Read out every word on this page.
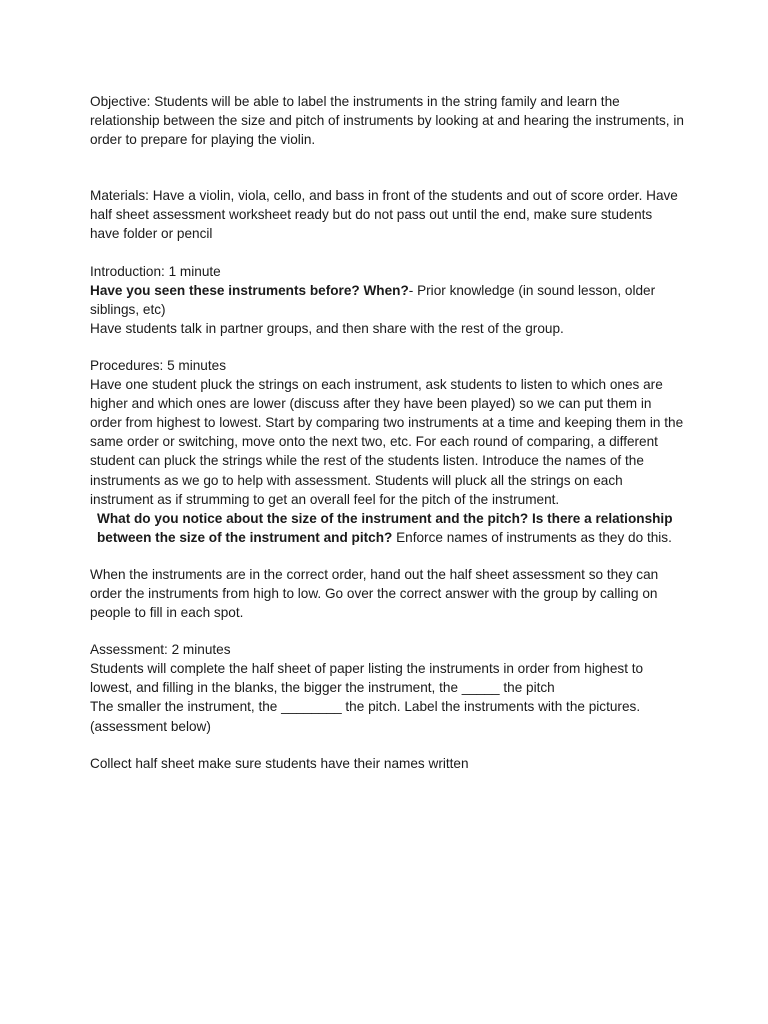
Objective: Students will be able to label the instruments in the string family and learn the relationship between the size and pitch of instruments by looking at and hearing the instruments, in order to prepare for playing the violin.

Materials: Have a violin, viola, cello, and bass in front of the students and out of score order. Have half sheet assessment worksheet ready but do not pass out until the end, make sure students have folder or pencil

Introduction: 1 minute

Have you seen these instruments before? When?- Prior knowledge (in sound lesson, older siblings, etc)

Have students talk in partner groups, and then share with the rest of the group.

Procedures: 5 minutes

Have one student pluck the strings on each instrument, ask students to listen to which ones are higher and which ones are lower (discuss after they have been played) so we can put them in order from highest to lowest. Start by comparing two instruments at a time and keeping them in the same order or switching, move onto the next two, etc. For each round of comparing, a different student can pluck the strings while the rest of the students listen. Introduce the names of the instruments as we go to help with assessment. Students will pluck all the strings on each instrument as if strumming to get an overall feel for the pitch of the instrument.

What do you notice about the size of the instrument and the pitch? Is there a relationship between the size of the instrument and pitch? Enforce names of instruments as they do this.

When the instruments are in the correct order, hand out the half sheet assessment so they can order the instruments from high to low. Go over the correct answer with the group by calling on people to fill in each spot.

Assessment: 2 minutes

Students will complete the half sheet of paper listing the instruments in order from highest to lowest, and filling in the blanks, the bigger the instrument, the _____ the pitch

The smaller the instrument, the ________ the pitch. Label the instruments with the pictures.

(assessment below)

Collect half sheet make sure students have their names written
